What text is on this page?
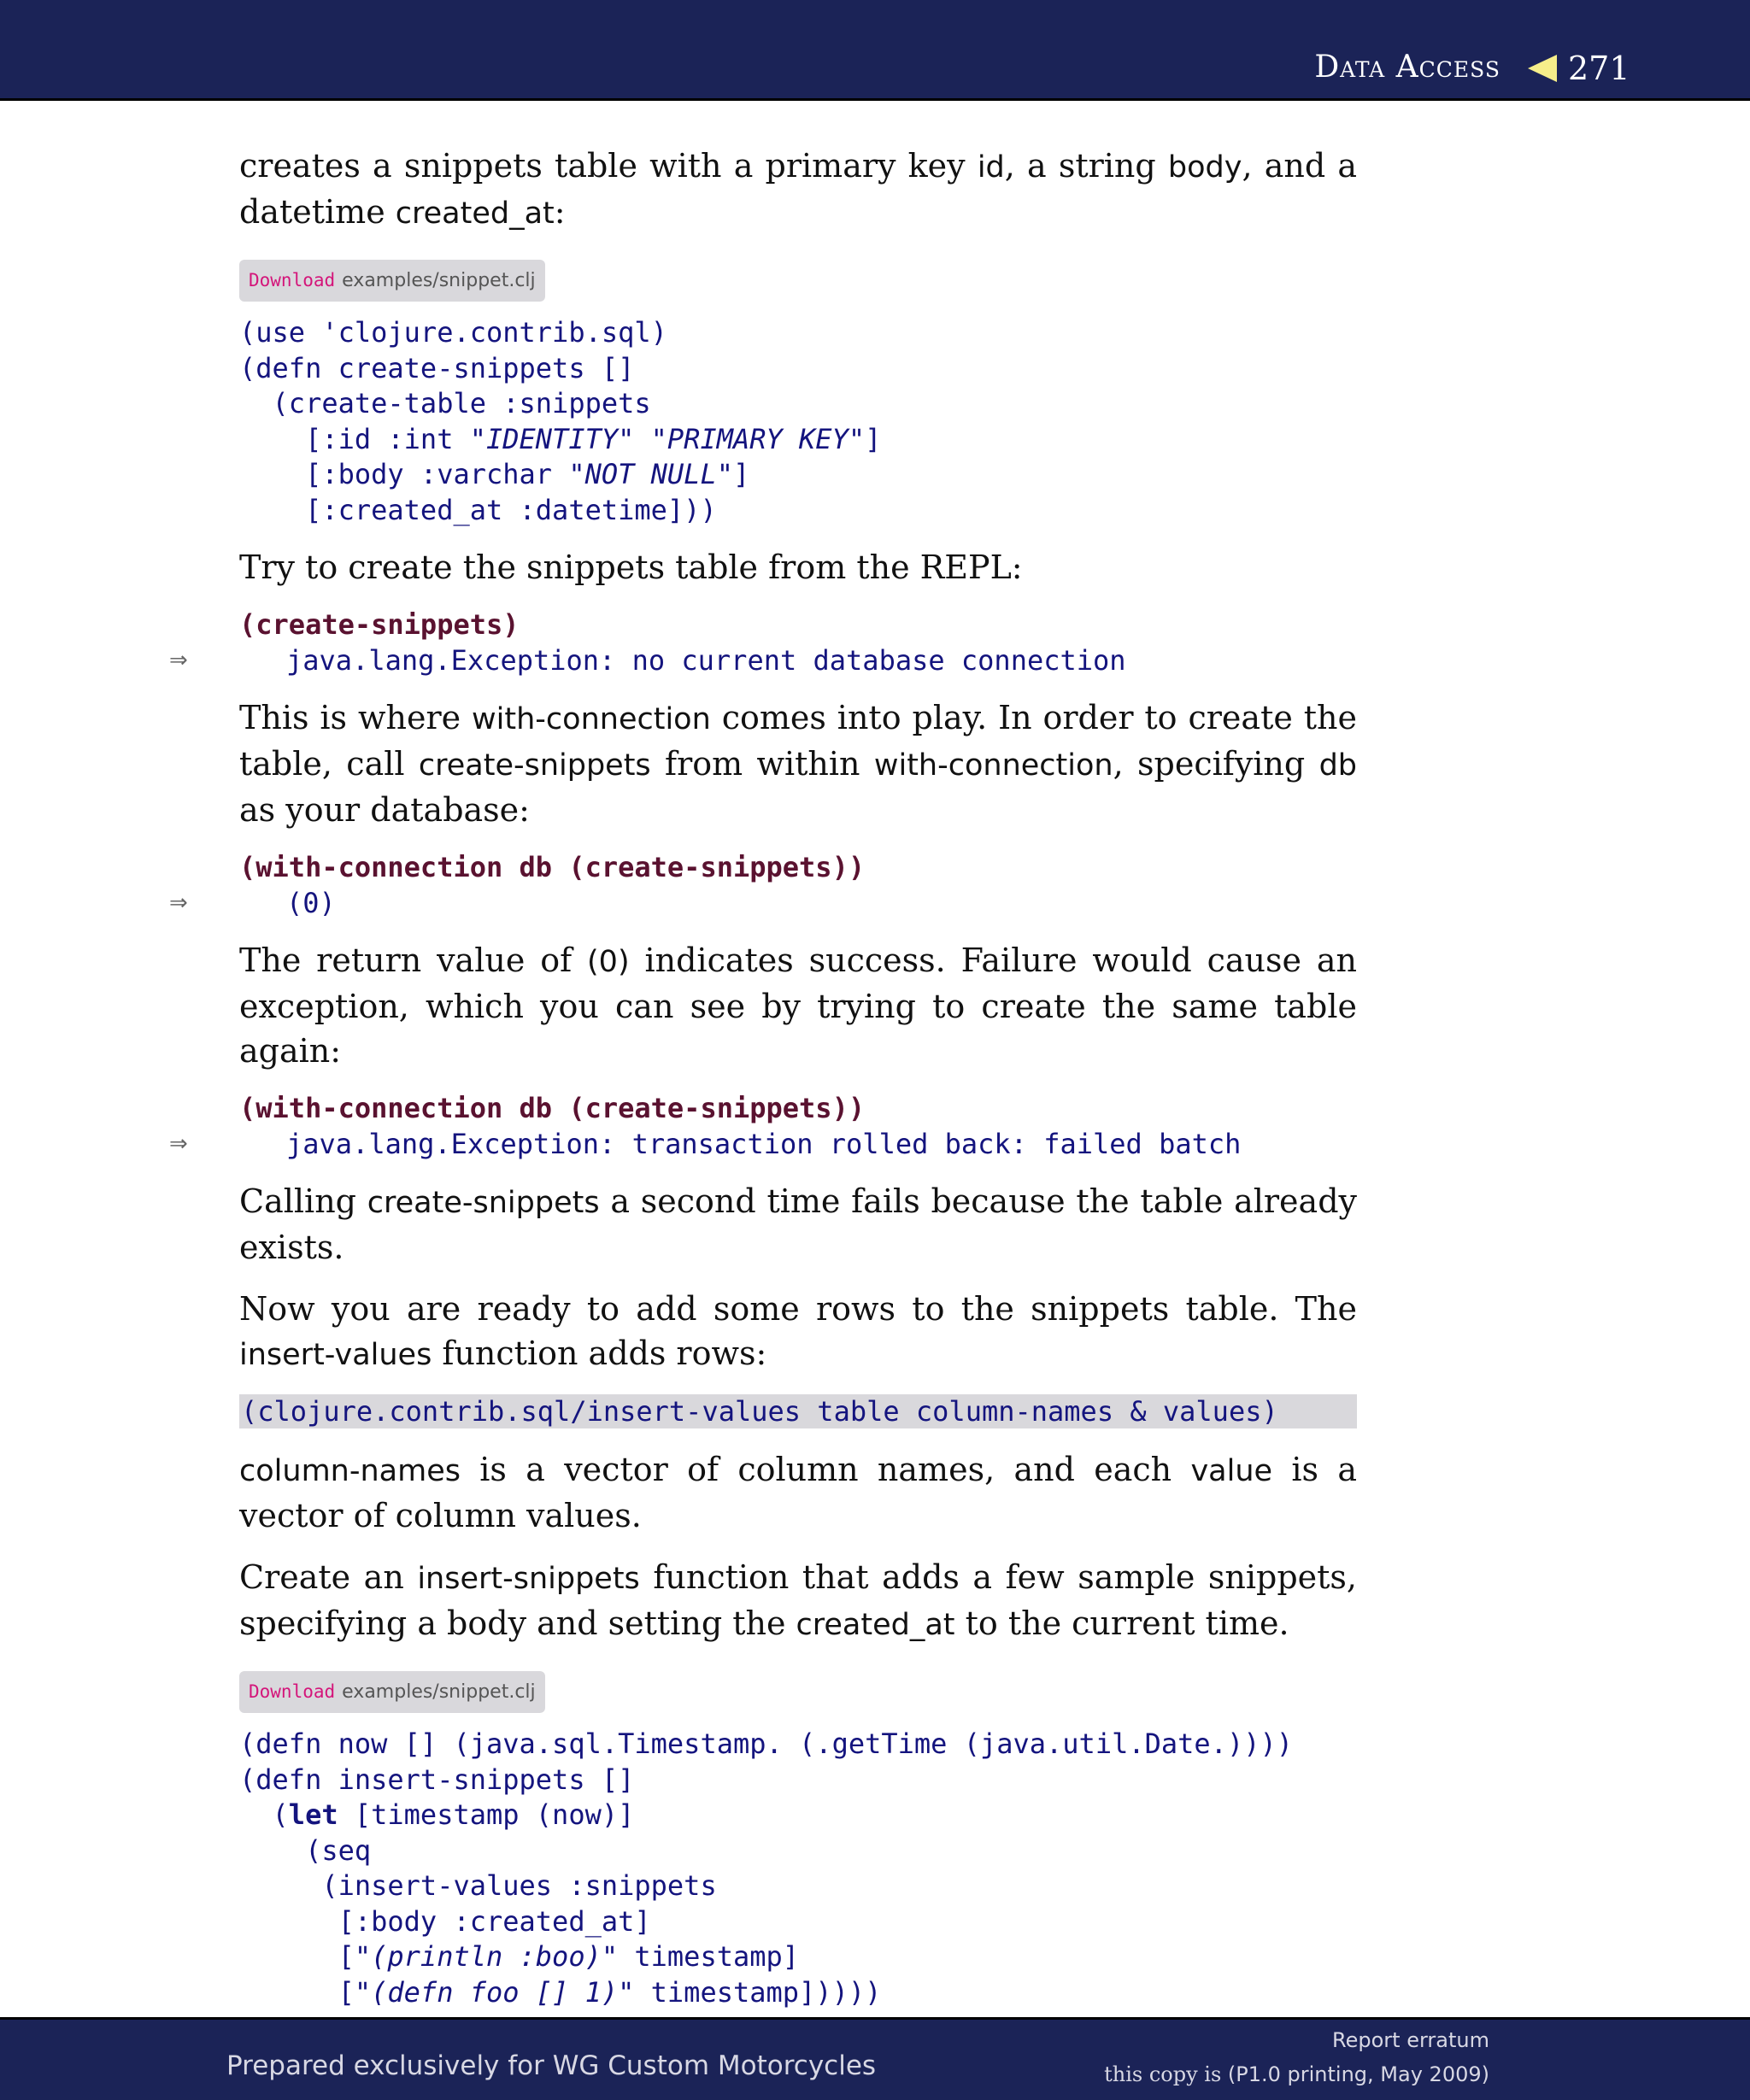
Data Access 271

creates a snippets table with a primary key id, a string body, and a datetime created_at:

Download examples/snippet.clj
(use 'clojure.contrib.sql)
(defn create-snippets []
(create-table :snippets
[:id :int "IDENTITY" "PRIMARY KEY"]
[:body :varchar "NOT NULL"]
[:created_at :datetime]))

Try to create the snippets table from the REPL:

(create-snippets)
⇒	java.lang.Exception: no current database connection

This is where with-connection comes into play. In order to create the table, call create-snippets from within with-connection, specifying db as your database:

(with-connection db (create-snippets))
⇒	(0)

The return value of (0) indicates success. Failure would cause an exception, which you can see by trying to create the same table again:

(with-connection db (create-snippets))
⇒	java.lang.Exception: transaction rolled back: failed batch

Calling create-snippets a second time fails because the table already exists.

Now you are ready to add some rows to the snippets table. The insert-values function adds rows:

(clojure.contrib.sql/insert-values table column-names & values)

column-names is a vector of column names, and each value is a vector of column values.

Create an insert-snippets function that adds a few sample snippets, specifying a body and setting the created_at to the current time.

Download examples/snippet.clj
(defn now [] (java.sql.Timestamp. (.getTime (java.util.Date.))))
(defn insert-snippets []
(let [timestamp (now)]
(seq
(insert-values :snippets
[:body :created_at]
["(println :boo)" timestamp]
["(defn foo [] 1)" timestamp]))))
Prepared exclusively for WG Custom Motorcycles
Report erratum
this copy is (P1.0 printing, May 2009)
